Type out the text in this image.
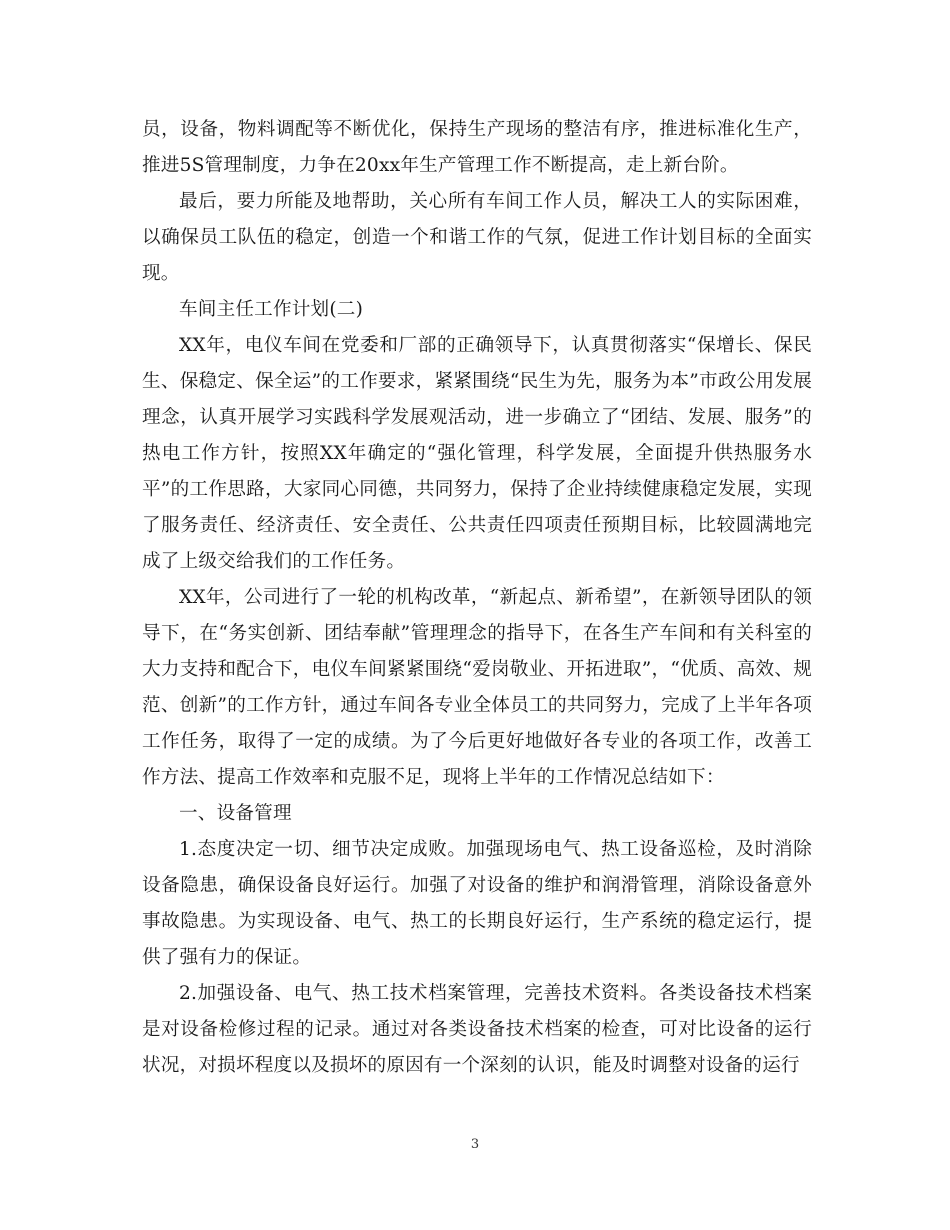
员，设备，物料调配等不断优化，保持生产现场的整洁有序，推进标准化生产，推进5S管理制度，力争在20xx年生产管理工作不断提高，走上新台阶。

最后，要力所能及地帮助，关心所有车间工作人员，解决工人的实际困难，以确保员工队伍的稳定，创造一个和谐工作的气氛，促进工作计划目标的全面实现。

车间主任工作计划(二)

XX年，电仪车间在党委和厂部的正确领导下，认真贯彻落实“保增长、保民生、保稳定、保全运”的工作要求，紧紧围绕“民生为先，服务为本”市政公用发展理念，认真开展学习实践科学发展观活动，进一步确立了“团结、发展、服务”的热电工作方针，按照XX年确定的“强化管理，科学发展，全面提升供热服务水平”的工作思路，大家同心同德，共同努力，保持了企业持续健康稳定发展，实现了服务责任、经济责任、安全责任、公共责任四项责任预期目标，比较圆满地完成了上级交给我们的工作任务。

XX年，公司进行了一轮的机构改革，“新起点、新希望”，在新领导团队的领导下，在“务实创新、团结奉献”管理理念的指导下，在各生产车间和有关科室的大力支持和配合下，电仪车间紧紧围绕“爱岗敬业、开拓进取”，“优质、高效、规范、创新”的工作方针，通过车间各专业全体员工的共同努力，完成了上半年各项工作任务，取得了一定的成绩。为了今后更好地做好各专业的各项工作，改善工作方法、提高工作效率和克服不足，现将上半年的工作情况总结如下：

一、设备管理

1.态度决定一切、细节决定成败。加强现场电气、热工设备巡检，及时消除设备隐患，确保设备良好运行。加强了对设备的维护和润滑管理，消除设备意外事故隐患。为实现设备、电气、热工的长期良好运行，生产系统的稳定运行，提供了强有力的保证。

2.加强设备、电气、热工技术档案管理，完善技术资料。各类设备技术档案是对设备检修过程的记录。通过对各类设备技术档案的检查，可对比设备的运行状况，对损坏程度以及损坏的原因有一个深刻的认识，能及时调整对设备的运行

3
